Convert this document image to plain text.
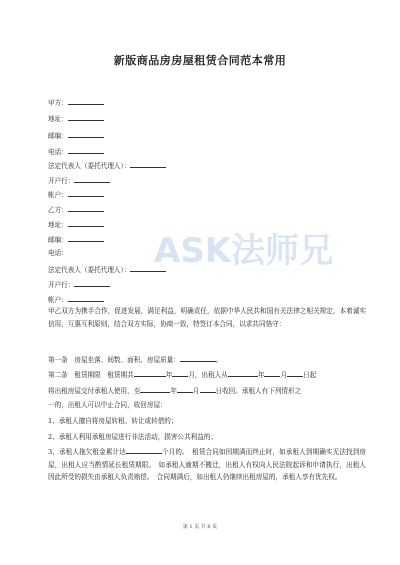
新版商品房房屋租赁合同范本常用
甲方：
地址：
邮编：
电话：
法定代表人（委托代理人）：
开户行：
帐户：
乙方：
地址：
邮编：
电话：
法定代表人（委托代理人）：
开户行：
帐户：
甲乙双方为携手合作，促进发展，满足利益，明确责任，依据中华人民共和国有关法律之相关规定，本着诚实信用，互惠互利原则，结合双方实际，协商一致，特签订本合同，以求共同恪守：
第一条　房屋坐落、间数、面积、房屋质量：	。
第二条　租赁期限　租赁期共	年 月，出租人从	年 月 日起
将出租房屋交付承租人使用，至	年 月 日收回。承租人有下列情形之
一的，出租人可以中止合同，收回房屋：
1、承租人擅自将房屋转租、转让或转借的；
2、承租人利用承租房屋进行非法活动，损害公共利益的；
3、承租人拖欠租金累计达	个月的。　租赁合同如因期满而终止时，如承租人到期确实无法找到房屋，出租人应当酌情延长租赁期限。　如承租人逾期不搬迁，出租人有权向人民法院起诉和申请执行，出租人因此所受的损失由承租人负责赔偿。　合同期满后，如出租人仍继续出租房屋的，承租人享有优先权。
ASK法师兄
第 1 页 共 8 页
